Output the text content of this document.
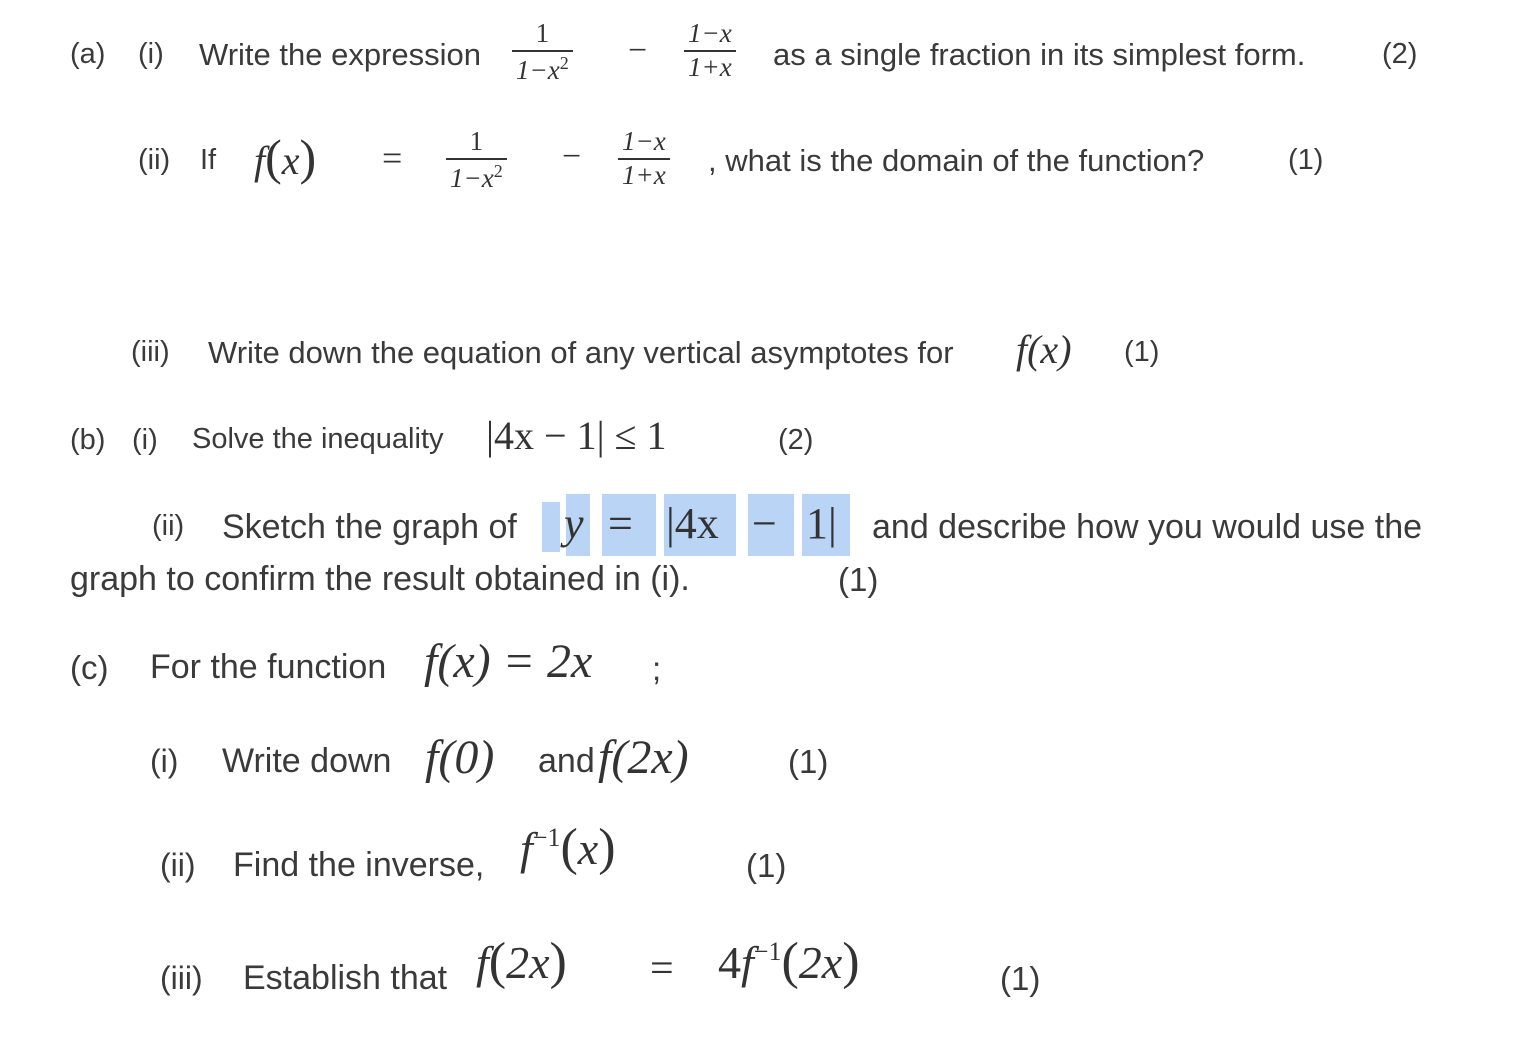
(a) (i) Write the expression
1
$1-x^2 - 1-x$
1+x as a single fraction in its simplest form.	(2)
(ii) If f(x) = 1
$1-x^2 - 1-x$
1+x , what is the domain of the function?	(1)
(iii) Write down the equation of any vertical asymptotes for f(x) (1)
(b) (i) Solve the inequality |4x − 1| ≤ 1	(2)
(ii) Sketch the graph of y = |4x − 1| and describe how you would use the
graph to confirm the result obtained in (i).	(1)
(c) For the function f(x) = 2x ;
(i) Write down f(0) and f(2x)	(1)
(ii) Find the inverse, $f^{-1}(x)$	(1)
(iii) Establish that $f(2x) = 4f^{-1}(2x)$	(1)
